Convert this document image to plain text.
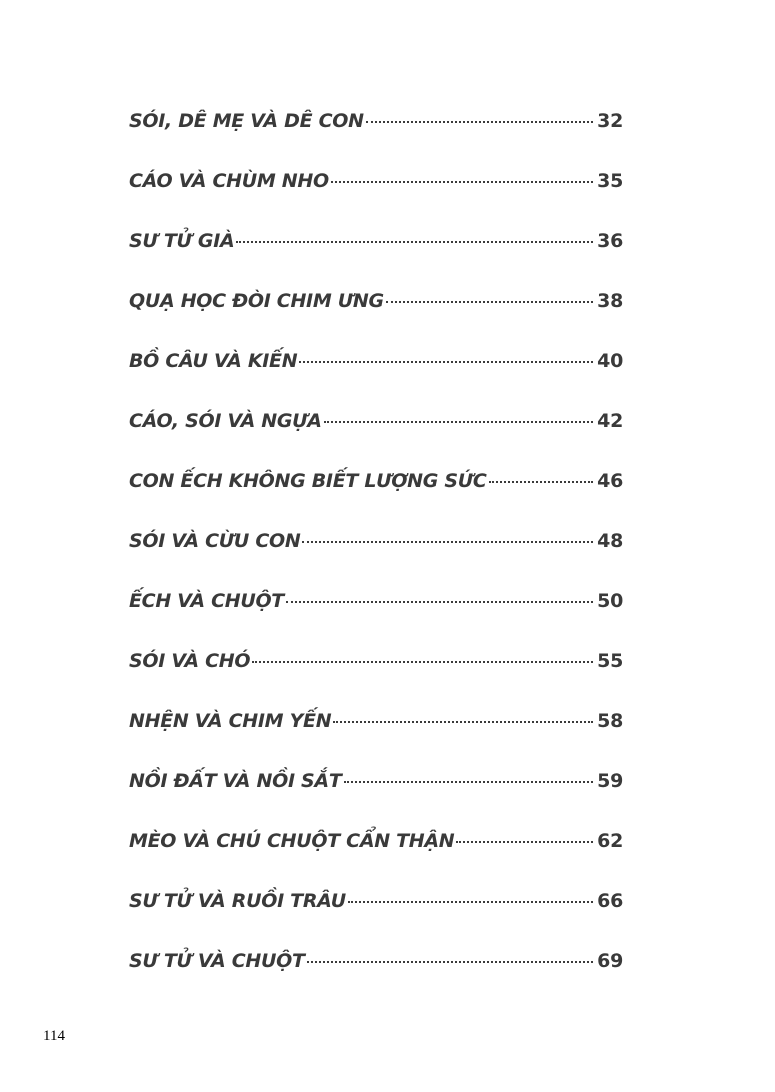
SÓI, DÊ MẸ VÀ DÊ CON	32
CÁO VÀ CHÙM NHO	35
SƯ TỬ GIÀ	36
QUẠ HỌC ĐÒI CHIM ƯNG	38
BỒ CÂU VÀ KIẾN	40
CÁO, SÓI VÀ NGỰA	42
CON ẾCH KHÔNG BIẾT LƯỢNG SỨC	46
SÓI VÀ CỪU CON	48
ẾCH VÀ CHUỘT	50
SÓI VÀ CHÓ	55
NHỆN VÀ CHIM YẾN	58
NỒI ĐẤT VÀ NỒI SẮT	59
MÈO VÀ CHÚ CHUỘT CẨN THẬN	62
SƯ TỬ VÀ RUỒI TRÂU	66
SƯ TỬ VÀ CHUỘT	69
114
